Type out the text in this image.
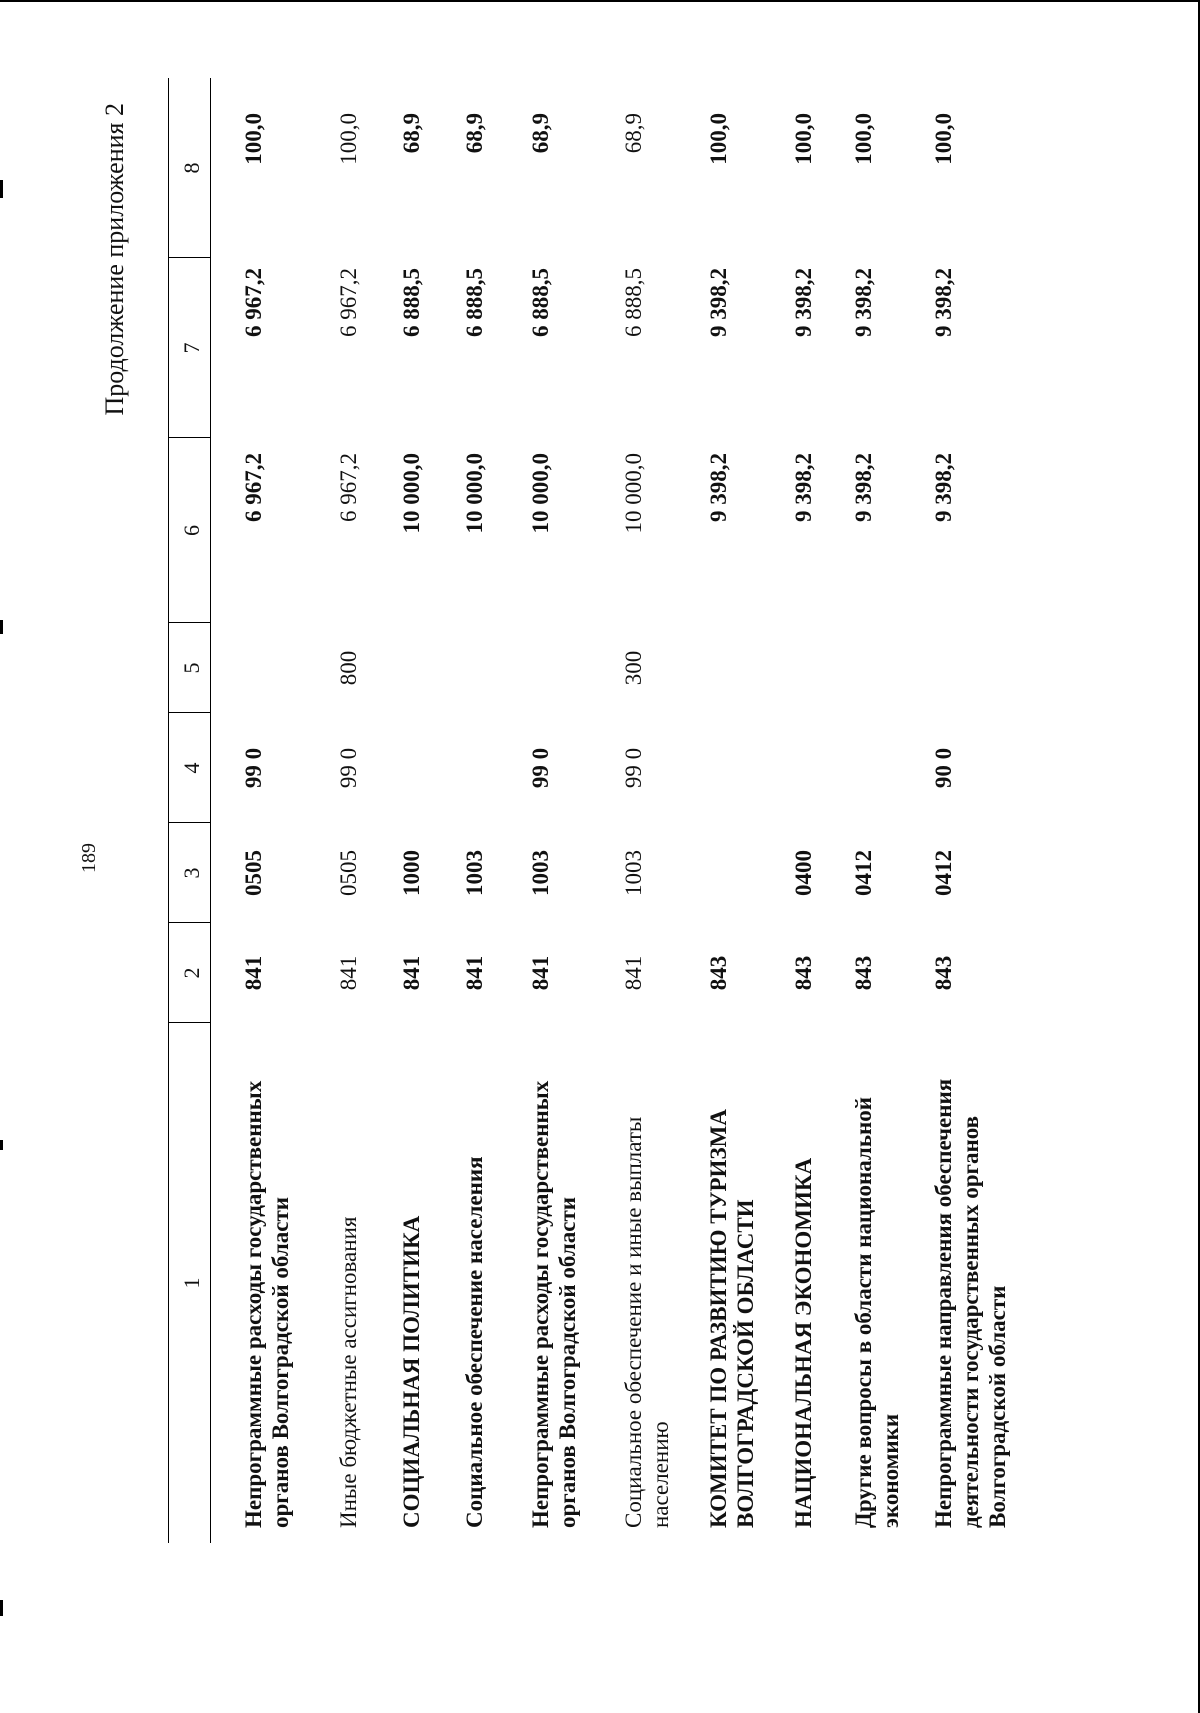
189
Продолжение приложения 2
1
2
3
4
5
6
7
8
Непрограммные расходы государственных органов Волгоградской области
841
0505
99 0
6 967,2
6 967,2
100,0
Иные бюджетные ассигнования
841
0505
99 0
800
6 967,2
6 967,2
100,0
СОЦИАЛЬНАЯ ПОЛИТИКА
841
1000
10 000,0
6 888,5
68,9
Социальное обеспечение населения
841
1003
10 000,0
6 888,5
68,9
Непрограммные расходы государственных органов Волгоградской области
841
1003
99 0
10 000,0
6 888,5
68,9
Социальное обеспечение и иные выплаты населению
841
1003
99 0
300
10 000,0
6 888,5
68,9
КОМИТЕТ ПО РАЗВИТИЮ ТУРИЗМА ВОЛГОГРАДСКОЙ ОБЛАСТИ
843
9 398,2
9 398,2
100,0
НАЦИОНАЛЬНАЯ ЭКОНОМИКА
843
0400
9 398,2
9 398,2
100,0
Другие вопросы в области национальной экономики
843
0412
9 398,2
9 398,2
100,0
Непрограммные направления обеспечения деятельности государственных органов Волгоградской области
843
0412
90 0
9 398,2
9 398,2
100,0
